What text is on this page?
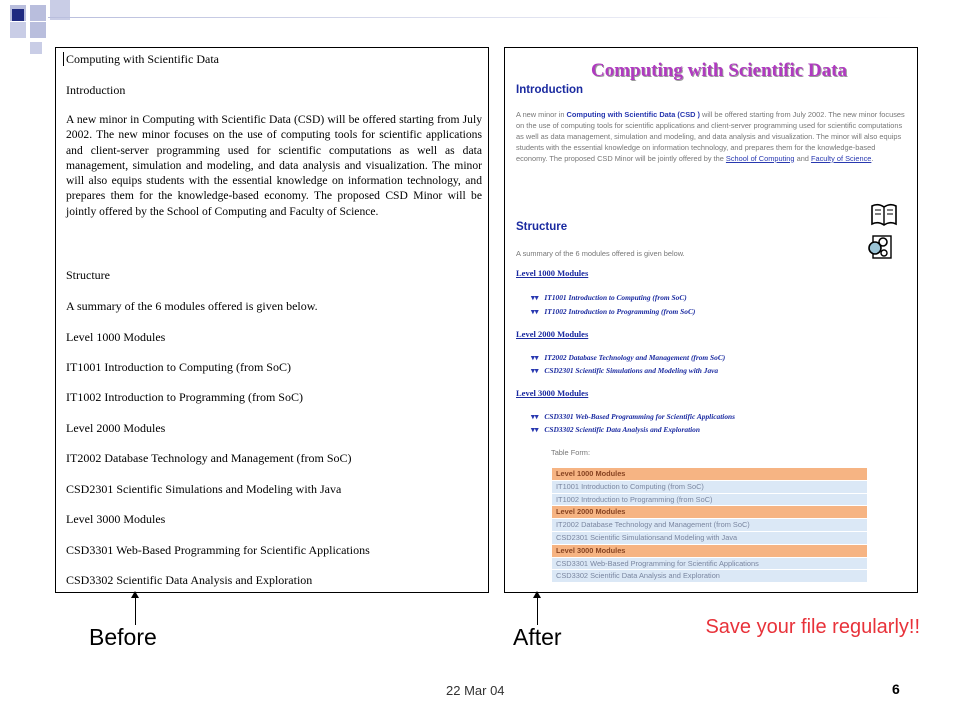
Computing with Scientific Data
Introduction
A new minor in Computing with Scientific Data (CSD) will be offered starting from July 2002. The new minor focuses on the use of computing tools for scientific applications and client-server programming used for scientific computations as well as data management, simulation and modeling, and data analysis and visualization. The minor will also equips students with the essential knowledge on information technology, and prepares them for the knowledge-based economy. The proposed CSD Minor will be jointly offered by the School of Computing and Faculty of Science.
Structure
A summary of the 6 modules offered is given below.
Level 1000 Modules
IT1001 Introduction to Computing (from SoC)
IT1002 Introduction to Programming (from SoC)
Level 2000 Modules
IT2002 Database Technology and Management (from SoC)
CSD2301 Scientific Simulations and Modeling with Java
Level 3000 Modules
CSD3301 Web-Based Programming for Scientific Applications
CSD3302 Scientific Data Analysis and Exploration
Computing with Scientific Data
Introduction
A new minor in Computing with Scientific Data (CSD ) will be offered starting from July 2002. The new minor focuses on the use of computing tools for scientific applications and client-server programming used for scientific computations as well as data management, simulation and modeling, and data analysis and visualization. The minor will also equips students with the essential knowledge on information technology, and prepares them for the knowledge-based economy. The proposed CSD Minor will be jointly offered by the School of Computing and Faculty of Science.
Structure
A summary of the 6 modules offered is given below.
Level 1000 Modules
▾▾ IT1001 Introduction to Computing (from SoC)
▾▾ IT1002 Introduction to Programming (from SoC)
Level 2000 Modules
▾▾ IT2002 Database Technology and Management (from SoC)
▾▾ CSD2301 Scientific Simulations and Modeling with Java
Level 3000 Modules
▾▾ CSD3301 Web-Based Programming for Scientific Applications
▾▾ CSD3302 Scientific Data Analysis and Exploration
Table Form:
Level 1000 Modules
IT1001 Introduction to Computing (from SoC)
IT1002 Introduction to Programming (from SoC)
Level 2000 Modules
IT2002 Database Technology and Management (from SoC)
CSD2301 Scientific Simulationsand Modeling with Java
Level 3000 Modules
CSD3301 Web-Based Programming for Scientific Applications
CSD3302 Scientific Data Analysis and Exploration
Before	After	Save your file regularly!!
22 Mar 04	6
